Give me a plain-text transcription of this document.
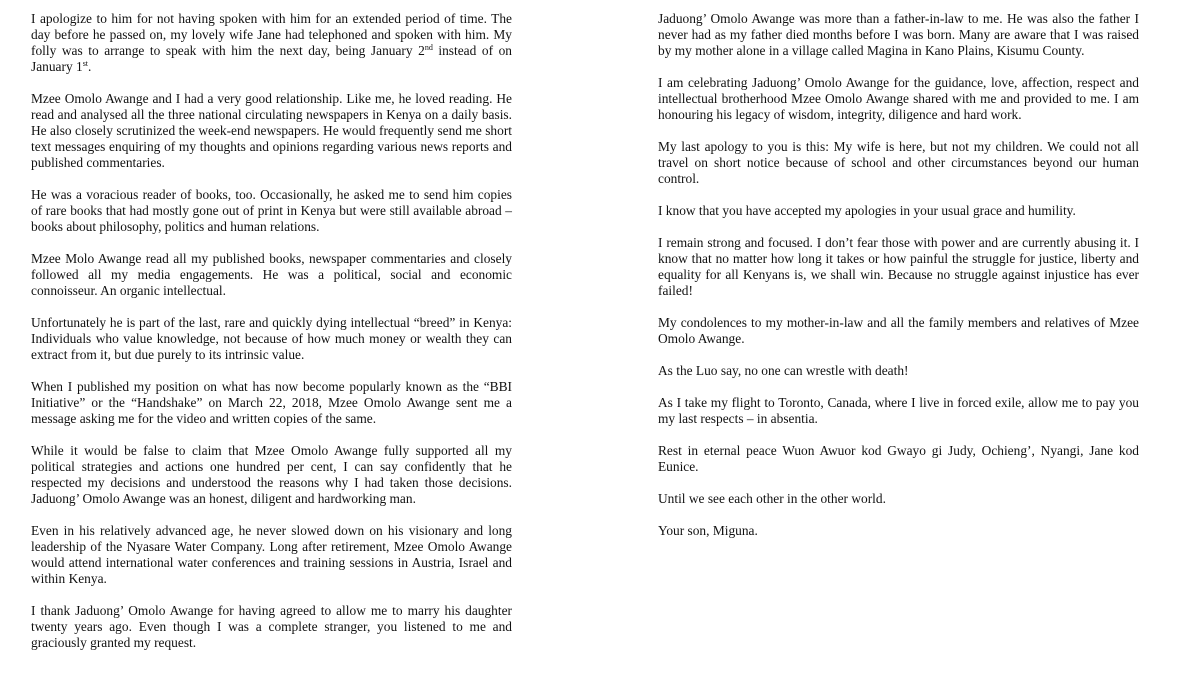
I apologize to him for not having spoken with him for an extended period of time. The day before he passed on, my lovely wife Jane had telephoned and spoken with him. My folly was to arrange to speak with him the next day, being January 2nd instead of on January 1st.

Mzee Omolo Awange and I had a very good relationship. Like me, he loved reading. He read and analysed all the three national circulating newspapers in Kenya on a daily basis. He also closely scrutinized the week-end newspapers. He would frequently send me short text messages enquiring of my thoughts and opinions regarding various news reports and published commentaries.

He was a voracious reader of books, too. Occasionally, he asked me to send him copies of rare books that had mostly gone out of print in Kenya but were still available abroad – books about philosophy, politics and human relations.

Mzee Molo Awange read all my published books, newspaper commentaries and closely followed all my media engagements. He was a political, social and economic connoisseur. An organic intellectual.

Unfortunately he is part of the last, rare and quickly dying intellectual “breed” in Kenya: Individuals who value knowledge, not because of how much money or wealth they can extract from it, but due purely to its intrinsic value.

When I published my position on what has now become popularly known as the “BBI Initiative” or the “Handshake” on March 22, 2018, Mzee Omolo Awange sent me a message asking me for the video and written copies of the same.

While it would be false to claim that Mzee Omolo Awange fully supported all my political strategies and actions one hundred per cent, I can say confidently that he respected my decisions and understood the reasons why I had taken those decisions. Jaduong’ Omolo Awange was an honest, diligent and hardworking man.

Even in his relatively advanced age, he never slowed down on his visionary and long leadership of the Nyasare Water Company. Long after retirement, Mzee Omolo Awange would attend international water conferences and training sessions in Austria, Israel and within Kenya.

I thank Jaduong’ Omolo Awange for having agreed to allow me to marry his daughter twenty years ago. Even though I was a complete stranger, you listened to me and graciously granted my request.

Jaduong’ Omolo Awange was more than a father-in-law to me. He was also the father I never had as my father died months before I was born. Many are aware that I was raised by my mother alone in a village called Magina in Kano Plains, Kisumu County.

I am celebrating Jaduong’ Omolo Awange for the guidance, love, affection, respect and intellectual brotherhood Mzee Omolo Awange shared with me and provided to me. I am honouring his legacy of wisdom, integrity, diligence and hard work.

My last apology to you is this: My wife is here, but not my children. We could not all travel on short notice because of school and other circumstances beyond our human control.

I know that you have accepted my apologies in your usual grace and humility.

I remain strong and focused. I don’t fear those with power and are currently abusing it. I know that no matter how long it takes or how painful the struggle for justice, liberty and equality for all Kenyans is, we shall win. Because no struggle against injustice has ever failed!

My condolences to my mother-in-law and all the family members and relatives of Mzee Omolo Awange.

As the Luo say, no one can wrestle with death!

As I take my flight to Toronto, Canada, where I live in forced exile, allow me to pay you my last respects – in absentia.

Rest in eternal peace Wuon Awuor kod Gwayo gi Judy, Ochieng’, Nyangi, Jane kod Eunice.

Until we see each other in the other world.

Your son, Miguna.
